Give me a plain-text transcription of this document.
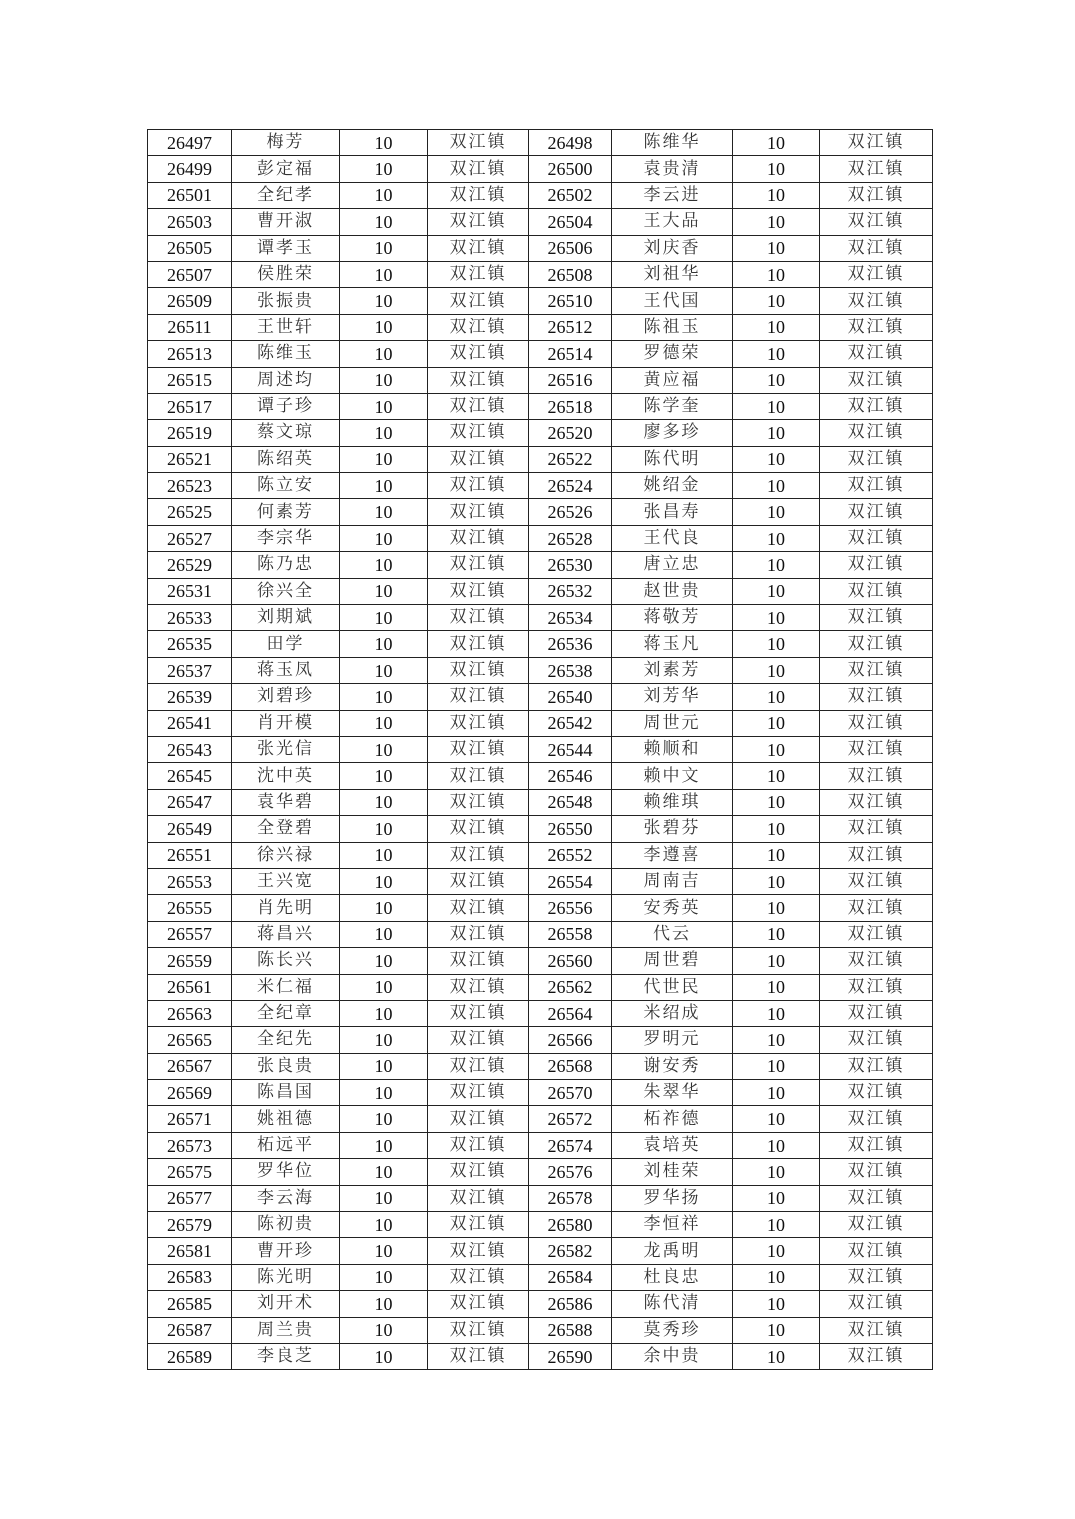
26497	梅芳	10	双江镇	26498	陈维华	10	双江镇
26499	彭定福	10	双江镇	26500	袁贵清	10	双江镇
26501	全纪孝	10	双江镇	26502	李云进	10	双江镇
26503	曹开淑	10	双江镇	26504	王大品	10	双江镇
26505	谭孝玉	10	双江镇	26506	刘庆香	10	双江镇
26507	侯胜荣	10	双江镇	26508	刘祖华	10	双江镇
26509	张振贵	10	双江镇	26510	王代国	10	双江镇
26511	王世轩	10	双江镇	26512	陈祖玉	10	双江镇
26513	陈维玉	10	双江镇	26514	罗德荣	10	双江镇
26515	周述均	10	双江镇	26516	黄应福	10	双江镇
26517	谭子珍	10	双江镇	26518	陈学奎	10	双江镇
26519	蔡文琼	10	双江镇	26520	廖多珍	10	双江镇
26521	陈绍英	10	双江镇	26522	陈代明	10	双江镇
26523	陈立安	10	双江镇	26524	姚绍金	10	双江镇
26525	何素芳	10	双江镇	26526	张昌寿	10	双江镇
26527	李宗华	10	双江镇	26528	王代良	10	双江镇
26529	陈乃忠	10	双江镇	26530	唐立忠	10	双江镇
26531	徐兴全	10	双江镇	26532	赵世贵	10	双江镇
26533	刘期斌	10	双江镇	26534	蒋敬芳	10	双江镇
26535	田学	10	双江镇	26536	蒋玉凡	10	双江镇
26537	蒋玉凤	10	双江镇	26538	刘素芳	10	双江镇
26539	刘碧珍	10	双江镇	26540	刘芳华	10	双江镇
26541	肖开模	10	双江镇	26542	周世元	10	双江镇
26543	张光信	10	双江镇	26544	赖顺和	10	双江镇
26545	沈中英	10	双江镇	26546	赖中文	10	双江镇
26547	袁华碧	10	双江镇	26548	赖维琪	10	双江镇
26549	全登碧	10	双江镇	26550	张碧芬	10	双江镇
26551	徐兴禄	10	双江镇	26552	李遵喜	10	双江镇
26553	王兴宽	10	双江镇	26554	周南吉	10	双江镇
26555	肖先明	10	双江镇	26556	安秀英	10	双江镇
26557	蒋昌兴	10	双江镇	26558	代云	10	双江镇
26559	陈长兴	10	双江镇	26560	周世碧	10	双江镇
26561	米仁福	10	双江镇	26562	代世民	10	双江镇
26563	全纪章	10	双江镇	26564	米绍成	10	双江镇
26565	全纪先	10	双江镇	26566	罗明元	10	双江镇
26567	张良贵	10	双江镇	26568	谢安秀	10	双江镇
26569	陈昌国	10	双江镇	26570	朱翠华	10	双江镇
26571	姚祖德	10	双江镇	26572	柘祚德	10	双江镇
26573	柘远平	10	双江镇	26574	袁培英	10	双江镇
26575	罗华位	10	双江镇	26576	刘桂荣	10	双江镇
26577	李云海	10	双江镇	26578	罗华扬	10	双江镇
26579	陈初贵	10	双江镇	26580	李恒祥	10	双江镇
26581	曹开珍	10	双江镇	26582	龙禹明	10	双江镇
26583	陈光明	10	双江镇	26584	杜良忠	10	双江镇
26585	刘开术	10	双江镇	26586	陈代清	10	双江镇
26587	周兰贵	10	双江镇	26588	莫秀珍	10	双江镇
26589	李良芝	10	双江镇	26590	余中贵	10	双江镇
